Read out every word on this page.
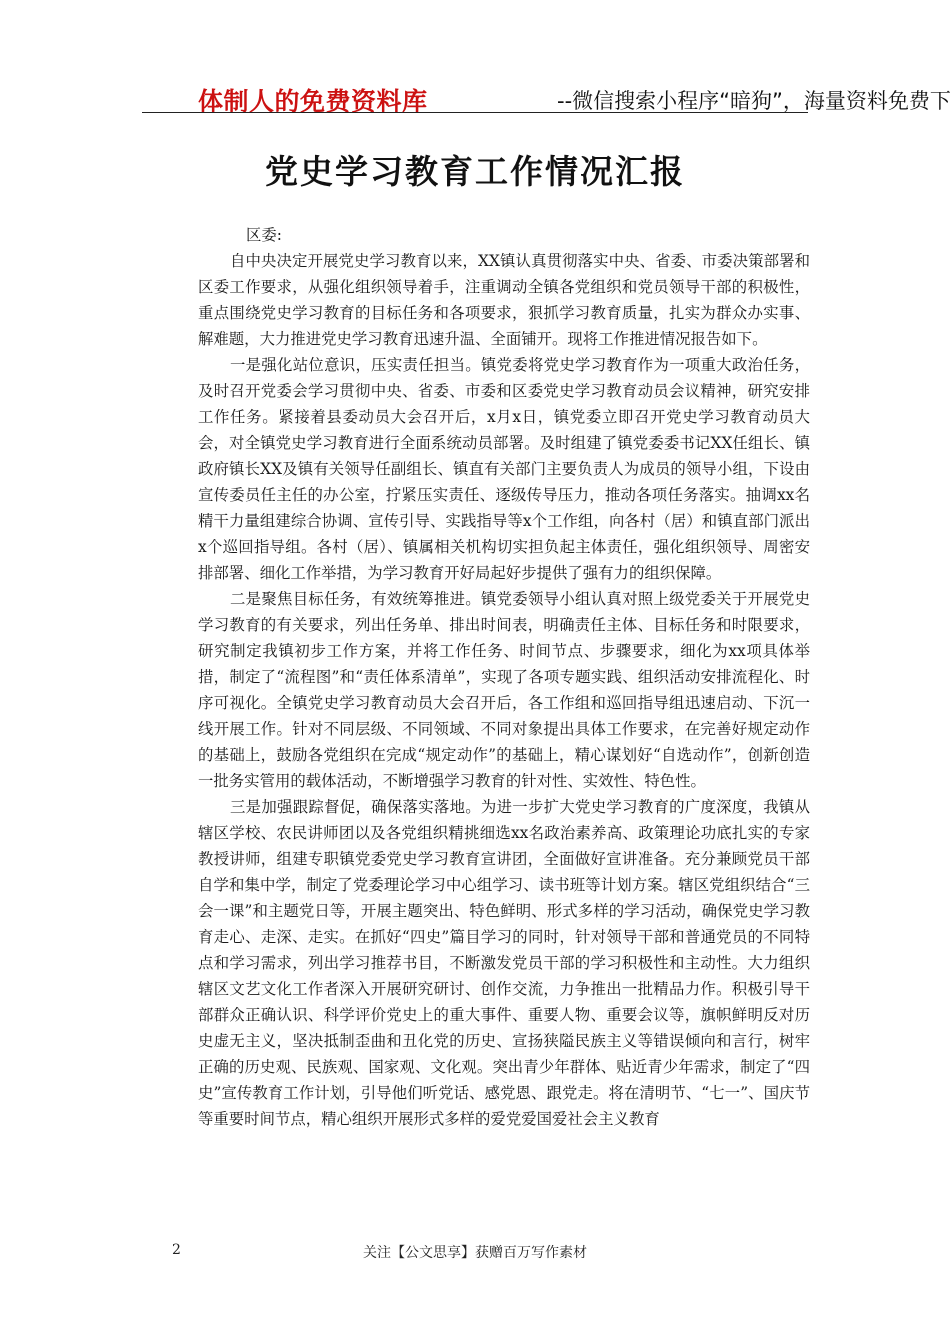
体制人的免费资料库	--微信搜索小程序“暗狗”，海量资料免费下
党史学习教育工作情况汇报

区委:

自中央决定开展党史学习教育以来，XX镇认真贯彻落实中央、省委、市委决策部署和区委工作要求，从强化组织领导着手，注重调动全镇各党组织和党员领导干部的积极性，重点围绕党史学习教育的目标任务和各项要求，狠抓学习教育质量，扎实为群众办实事、解难题，大力推进党史学习教育迅速升温、全面铺开。现将工作推进情况报告如下。

一是强化站位意识，压实责任担当。镇党委将党史学习教育作为一项重大政治任务，及时召开党委会学习贯彻中央、省委、市委和区委党史学习教育动员会议精神，研究安排工作任务。紧接着县委动员大会召开后，x月x日，镇党委立即召开党史学习教育动员大会，对全镇党史学习教育进行全面系统动员部署。及时组建了镇党委委书记XX任组长、镇政府镇长XX及镇有关领导任副组长、镇直有关部门主要负责人为成员的领导小组，下设由宣传委员任主任的办公室，拧紧压实责任、逐级传导压力，推动各项任务落实。抽调xx名精干力量组建综合协调、宣传引导、实践指导等x个工作组，向各村（居）和镇直部门派出x个巡回指导组。各村（居）、镇属相关机构切实担负起主体责任，强化组织领导、周密安排部署、细化工作举措，为学习教育开好局起好步提供了强有力的组织保障。

二是聚焦目标任务，有效统筹推进。镇党委领导小组认真对照上级党委关于开展党史学习教育的有关要求，列出任务单、排出时间表，明确责任主体、目标任务和时限要求，研究制定我镇初步工作方案，并将工作任务、时间节点、步骤要求，细化为xx项具体举措，制定了“流程图”和“责任体系清单”，实现了各项专题实践、组织活动安排流程化、时序可视化。全镇党史学习教育动员大会召开后，各工作组和巡回指导组迅速启动、下沉一线开展工作。针对不同层级、不同领域、不同对象提出具体工作要求，在完善好规定动作的基础上，鼓励各党组织在完成“规定动作”的基础上，精心谋划好“自选动作”，创新创造一批务实管用的载体活动，不断增强学习教育的针对性、实效性、特色性。

三是加强跟踪督促，确保落实落地。为进一步扩大党史学习教育的广度深度，我镇从辖区学校、农民讲师团以及各党组织精挑细选xx名政治素养高、政策理论功底扎实的专家教授讲师，组建专职镇党委党史学习教育宣讲团，全面做好宣讲准备。充分兼顾党员干部自学和集中学，制定了党委理论学习中心组学习、读书班等计划方案。辖区党组织结合“三会一课”和主题党日等，开展主题突出、特色鲜明、形式多样的学习活动，确保党史学习教育走心、走深、走实。在抓好“四史”篇目学习的同时，针对领导干部和普通党员的不同特点和学习需求，列出学习推荐书目，不断激发党员干部的学习积极性和主动性。大力组织辖区文艺文化工作者深入开展研究研讨、创作交流，力争推出一批精品力作。积极引导干部群众正确认识、科学评价党史上的重大事件、重要人物、重要会议等，旗帜鲜明反对历史虚无主义，坚决抵制歪曲和丑化党的历史、宣扬狭隘民族主义等错误倾向和言行，树牢正确的历史观、民族观、国家观、文化观。突出青少年群体、贴近青少年需求，制定了“四史”宣传教育工作计划，引导他们听党话、感党恩、跟党走。将在清明节、“七一”、国庆节等重要时间节点，精心组织开展形式多样的爱党爱国爱社会主义教育

2	关注【公文思享】获赠百万写作素材
